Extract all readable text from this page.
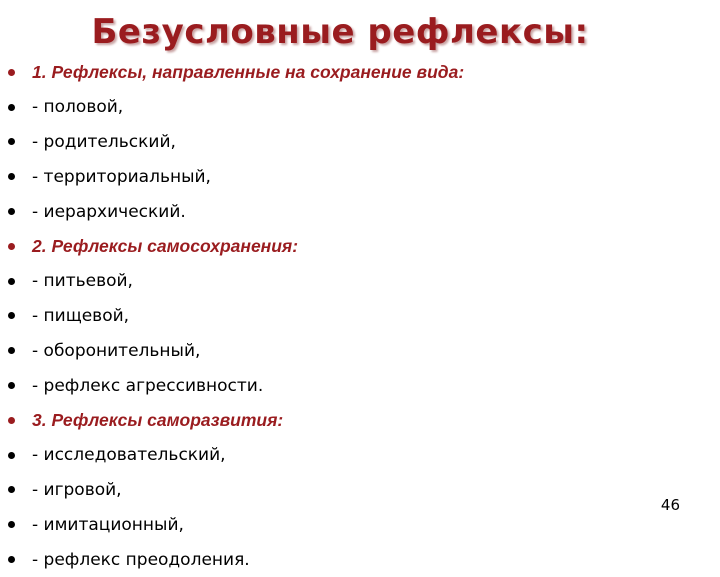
Безусловные рефлексы:
1. Рефлексы, направленные на сохранение вида:
- половой,
- родительский,
- территориальный,
- иерархический.
2. Рефлексы самосохранения:
- питьевой,
- пищевой,
- оборонительный,
- рефлекс агрессивности.
3. Рефлексы саморазвития:
- исследовательский,
- игровой,
- имитационный,
- рефлекс преодоления.
46
